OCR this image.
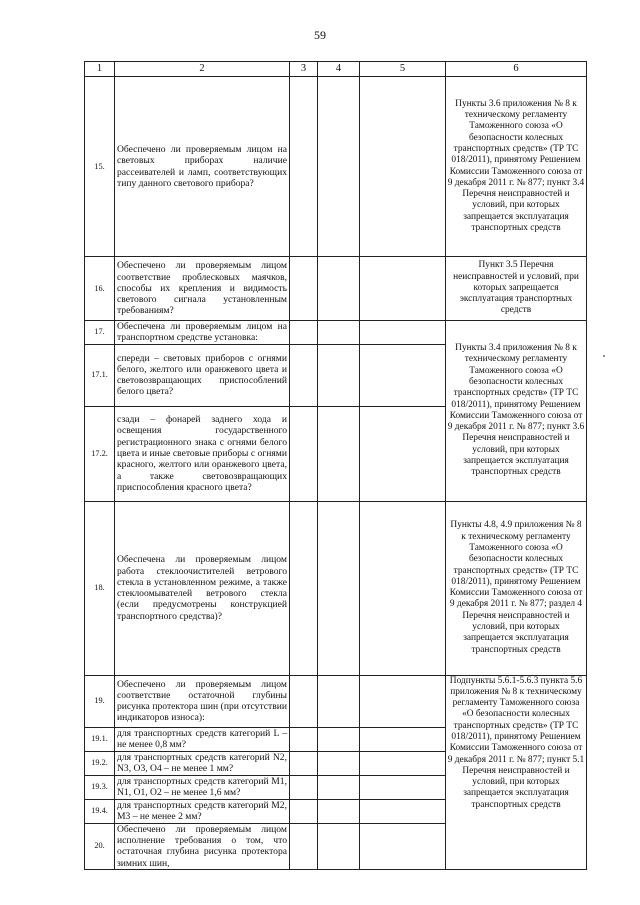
59
1	2	3	4	5	6
15.	Обеспечено ли проверяемым лицом на световых приборах наличие рассеивателей и ламп, соответствующих типу данного светового прибора?				Пункты 3.6 приложения № 8 к техническому регламенту Таможенного союза «О безопасности колесных транспортных средств» (ТР ТС 018/2011), принятому Решением Комиссии Таможенного союза от 9 декабря 2011 г. № 877; пункт 3.4 Перечня неисправностей и условий, при которых запрещается эксплуатация транспортных средств
16.	Обеспечено ли проверяемым лицом соответствие проблесковых маячков, способы их крепления и видимость светового сигнала установленным требованиям?				Пункт 3.5 Перечня неисправностей и условий, при которых запрещается эксплуатация транспортных средств
17.	Обеспечена ли проверяемым лицом на транспортном средстве установка:				Пункты 3.4 приложения № 8 к техническому регламенту Таможенного союза «О безопасности колесных транспортных средств» (ТР ТС 018/2011), принятому Решением Комиссии Таможенного союза от 9 декабря 2011 г. № 877; пункт 3.6 Перечня неисправностей и условий, при которых запрещается эксплуатация транспортных средств
17.1.	спереди – световых приборов с огнями белого, желтого или оранжевого цвета и световозвращающих приспособлений белого цвета?				
17.2.	сзади – фонарей заднего хода и освещения государственного регистрационного знака с огнями белого цвета и иные световые приборы с огнями красного, желтого или оранжевого цвета, а также световозвращающих приспособления красного цвета?				
18.	Обеспечена ли проверяемым лицом работа стеклоочистителей ветрового стекла в установленном режиме, а также стеклоомывателей ветрового стекла (если предусмотрены конструкцией транспортного средства)?				Пункты 4.8, 4.9 приложения № 8 к техническому регламенту Таможенного союза «О безопасности колесных транспортных средств» (ТР ТС 018/2011), принятому Решением Комиссии Таможенного союза от 9 декабря 2011 г. № 877; раздел 4 Перечня неисправностей и условий, при которых запрещается эксплуатация транспортных средств
19.	Обеспечено ли проверяемым лицом соответствие остаточной глубины рисунка протектора шин (при отсутствии индикаторов износа):				Подпункты 5.6.1-5.6.3 пункта 5.6 приложения № 8 к техническому регламенту Таможенного союза «О безопасности колесных транспортных средств» (ТР ТС 018/2011), принятому Решением Комиссии Таможенного союза от 9 декабря 2011 г. № 877; пункт 5.1 Перечня неисправностей и условий, при которых запрещается эксплуатация транспортных средств
19.1.	для транспортных средств категорий L – не менее 0,8 мм?				
19.2.	для транспортных средств категорий N2, N3, O3, O4 – не менее 1 мм?				
19.3.	для транспортных средств категорий M1, N1, O1, O2 – не менее 1,6 мм?				
19.4.	для транспортных средств категорий M2, M3 – не менее 2 мм?				
20.	Обеспечено ли проверяемым лицом исполнение требования о том, что остаточная глубина рисунка протектора зимних шин,				
